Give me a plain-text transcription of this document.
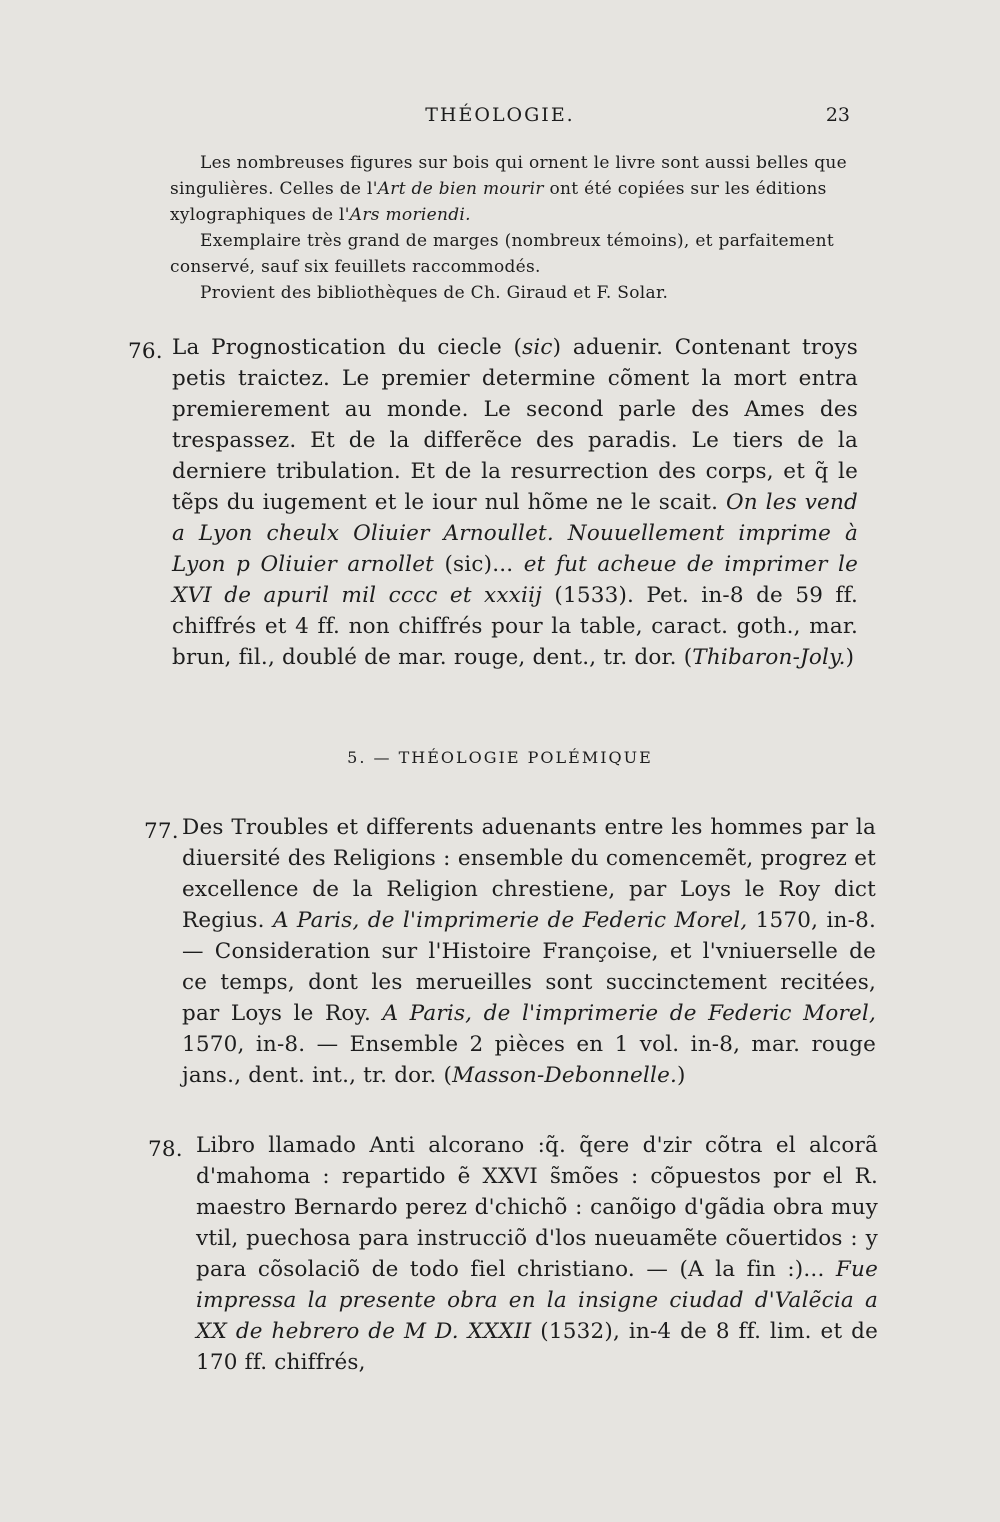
THÉOLOGIE.	23

Les nombreuses figures sur bois qui ornent le livre sont aussi belles que singulières. Celles de l'Art de bien mourir ont été copiées sur les éditions xylographiques de l'Ars moriendi.

Exemplaire très grand de marges (nombreux témoins), et parfaitement conservé, sauf six feuillets raccommodés.

Provient des bibliothèques de Ch. Giraud et F. Solar.

76. La Prognostication du ciecle (sic) aduenir. Contenant troys petis traictez. Le premier determine cõment la mort entra premierement au monde. Le second parle des Ames des trespassez. Et de la differẽce des paradis. Le tiers de la derniere tribulation. Et de la resurrection des corps, et q̃ le tẽps du iugement et le iour nul hõme ne le scait. On les vend a Lyon cheulx Oliuier Arnoullet. Nouuellement imprime à Lyon p Oliuier arnollet (sic)... et fut acheue de imprimer le XVI de apuril mil cccc et xxxiij (1533). Pet. in-8 de 59 ff. chiffrés et 4 ff. non chiffrés pour la table, caract. goth., mar. brun, fil., doublé de mar. rouge, dent., tr. dor. (Thibaron-Joly.)
5. — THÉOLOGIE POLÉMIQUE
77. Des Troubles et differents aduenants entre les hommes par la diuersité des Religions : ensemble du comencemẽt, progrez et excellence de la Religion chrestiene, par Loys le Roy dict Regius. A Paris, de l'imprimerie de Federic Morel, 1570, in-8. — Consideration sur l'Histoire Françoise, et l'vniuerselle de ce temps, dont les merueilles sont succinctement recitées, par Loys le Roy. A Paris, de l'imprimerie de Federic Morel, 1570, in-8. — Ensemble 2 pièces en 1 vol. in-8, mar. rouge jans., dent. int., tr. dor. (Masson-Debonnelle.)
78. Libro llamado Anti alcorano :q̃. q̃ere d'zir cõtra el alcorã d'mahoma : repartido ẽ XXVI s̃mões : cõpuestos por el R. maestro Bernardo perez d'chichõ : canõigo d'gãdia obra muy vtil, puechosa para instrucciõ d'los nueuamẽte cõuertidos : y para cõsolaciõ de todo fiel christiano. — (A la fin :)... Fue impressa la presente obra en la insigne ciudad d'Valẽcia a XX de hebrero de M D. XXXII (1532), in-4 de 8 ff. lim. et de 170 ff. chiffrés,
